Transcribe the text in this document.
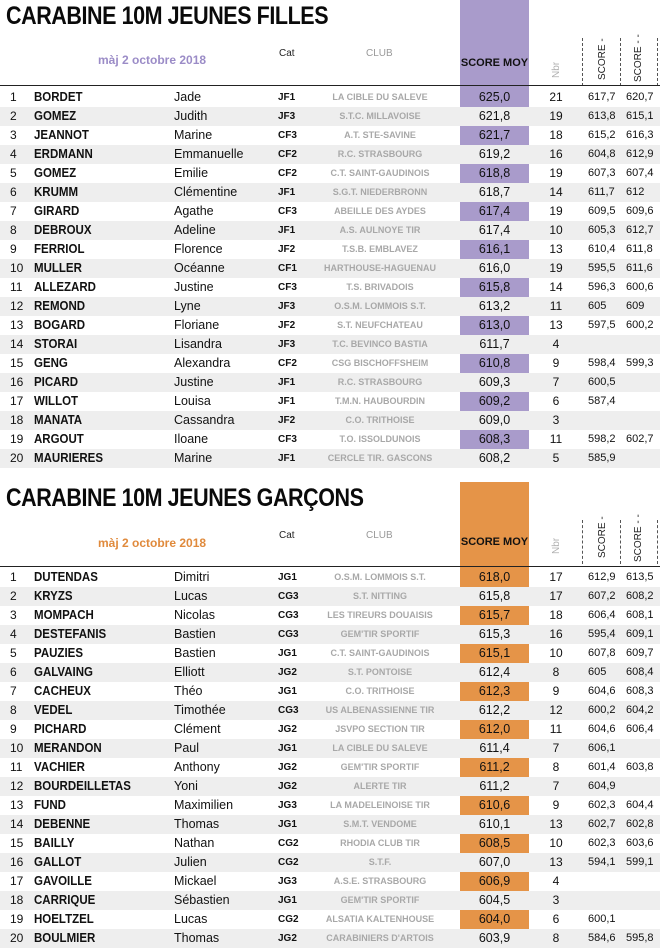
CARABINE 10M JEUNES FILLES
màj 2 octobre 2018	Cat	CLUB
SCORE MOY Nbr	SCORE -	SCORE - -
1 BORDET	Jade	JF1	LA CIBLE DU SALEVE	625,0	21	617,7 620,7
2 GOMEZ	Judith	JF3	S.T.C. MILLAVOISE	621,8	19	613,8 615,1
3 JEANNOT	Marine	CF3	A.T. STE-SAVINE	621,7	18	615,2 616,3
4 ERDMANN	Emmanuelle	CF2	R.C. STRASBOURG	619,2	16	604,8 612,9
5 GOMEZ	Emilie	CF2	C.T. SAINT-GAUDINOIS	618,8	19	607,3 607,4
6 KRUMM	Clémentine	JF1	S.G.T. NIEDERBRONN	618,7	14	611,7 612
7 GIRARD	Agathe	CF3	ABEILLE DES AYDES	617,4	19	609,5 609,6
8 DEBROUX	Adeline	JF1	A.S. AULNOYE TIR	617,4	10	605,3 612,7
9 FERRIOL	Florence	JF2	T.S.B. EMBLAVEZ	616,1	13	610,4 611,8
10 MULLER	Océanne	CF1	HARTHOUSE-HAGUENAU	616,0	19	595,5 611,6
11 ALLEZARD	Justine	CF3	T.S. BRIVADOIS	615,8	14	596,3 600,6
12 REMOND	Lyne	JF3	O.S.M. LOMMOIS S.T.	613,2	11	605 609
13 BOGARD	Floriane	JF2	S.T. NEUFCHATEAU	613,0	13	597,5 600,2
14 STORAI	Lisandra	JF3	T.C. BEVINCO BASTIA	611,7	4
15 GENG	Alexandra	CF2	CSG BISCHOFFSHEIM	610,8	9	598,4 599,3
16 PICARD	Justine	JF1	R.C. STRASBOURG	609,3	7	600,5
17 WILLOT	Louisa	JF1	T.M.N. HAUBOURDIN	609,2	6	587,4
18 MANATA	Cassandra	JF2	C.O. TRITHOISE	609,0	3
19 ARGOUT	Iloane	CF3	T.O. ISSOLDUNOIS	608,3	11	598,2 602,7
20 MAURIERES	Marine	JF1	CERCLE TIR. GASCONS	608,2	5	585,9
CARABINE 10M JEUNES GARÇONS
màj 2 octobre 2018
Cat	CLUB
SCORE MOY Nbr	SCORE -	SCORE - -
1 DUTENDAS	Dimitri	JG1	O.S.M. LOMMOIS S.T.	618,0	17	612,9 613,5
2 KRYZS	Lucas	CG3	S.T. NITTING	615,8	17	607,2 608,2
3 MOMPACH	Nicolas	CG3	LES TIREURS DOUAISIS	615,7	18	606,4 608,1
4 DESTEFANIS	Bastien	CG3	GEM'TIR SPORTIF	615,3	16	595,4 609,1
5 PAUZIES	Bastien	JG1	C.T. SAINT-GAUDINOIS	615,1	10	607,8 609,7
6 GALVAING	Elliott	JG2	S.T. PONTOISE	612,4	8	605 608,4
7 CACHEUX	Théo	JG1	C.O. TRITHOISE	612,3	9	604,6 608,3
8 VEDEL	Timothée	CG3	US ALBENASSIENNE TIR	612,2	12	600,2 604,2
9 PICHARD	Clément	JG2	JSVPO SECTION TIR	612,0	11	604,6 606,4
10 MERANDON	Paul	JG1	LA CIBLE DU SALEVE	611,4	7	606,1
11 VACHIER	Anthony	JG2	GEM'TIR SPORTIF	611,2	8	601,4 603,8
12 BOURDEILLETAS	Yoni	JG2	ALERTE TIR	611,2	7	604,9
13 FUND	Maximilien	JG3	LA MADELEINOISE TIR	610,6	9	602,3 604,4
14 DEBENNE	Thomas	JG1	S.M.T. VENDOME	610,1	13	602,7 602,8
15 BAILLY	Nathan	CG2	RHODIA CLUB TIR	608,5	10	602,3 603,6
16 GALLOT	Julien	CG2	S.T.F.	607,0	13	594,1 599,1
17 GAVOILLE	Mickael	JG3	A.S.E. STRASBOURG	606,9	4
18 CARRIQUE	Sébastien	JG1	GEM'TIR SPORTIF	604,5	3
19 HOELTZEL	Lucas	CG2	ALSATIA KALTENHOUSE	604,0	6	600,1
20 BOULMIER	Thomas	JG2	CARABINIERS D'ARTOIS	603,9	8	584,6 595,8
